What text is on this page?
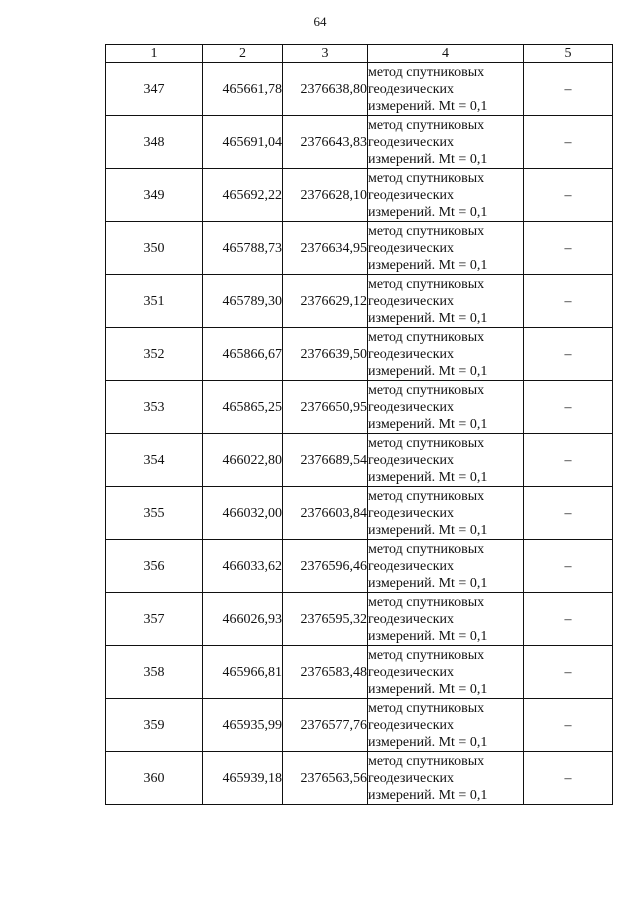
64
1	2	3	4	5
347	465661,78	2376638,80	метод спутниковых
геодезических
измерений. Mt = 0,1	–
348	465691,04	2376643,83	метод спутниковых
геодезических
измерений. Mt = 0,1	–
349	465692,22	2376628,10	метод спутниковых
геодезических
измерений. Mt = 0,1	–
350	465788,73	2376634,95	метод спутниковых
геодезических
измерений. Mt = 0,1	–
351	465789,30	2376629,12	метод спутниковых
геодезических
измерений. Mt = 0,1	–
352	465866,67	2376639,50	метод спутниковых
геодезических
измерений. Mt = 0,1	–
353	465865,25	2376650,95	метод спутниковых
геодезических
измерений. Mt = 0,1	–
354	466022,80	2376689,54	метод спутниковых
геодезических
измерений. Mt = 0,1	–
355	466032,00	2376603,84	метод спутниковых
геодезических
измерений. Mt = 0,1	–
356	466033,62	2376596,46	метод спутниковых
геодезических
измерений. Mt = 0,1	–
357	466026,93	2376595,32	метод спутниковых
геодезических
измерений. Mt = 0,1	–
358	465966,81	2376583,48	метод спутниковых
геодезических
измерений. Mt = 0,1	–
359	465935,99	2376577,76	метод спутниковых
геодезических
измерений. Mt = 0,1	–
360	465939,18	2376563,56	метод спутниковых
геодезических
измерений. Mt = 0,1	–
